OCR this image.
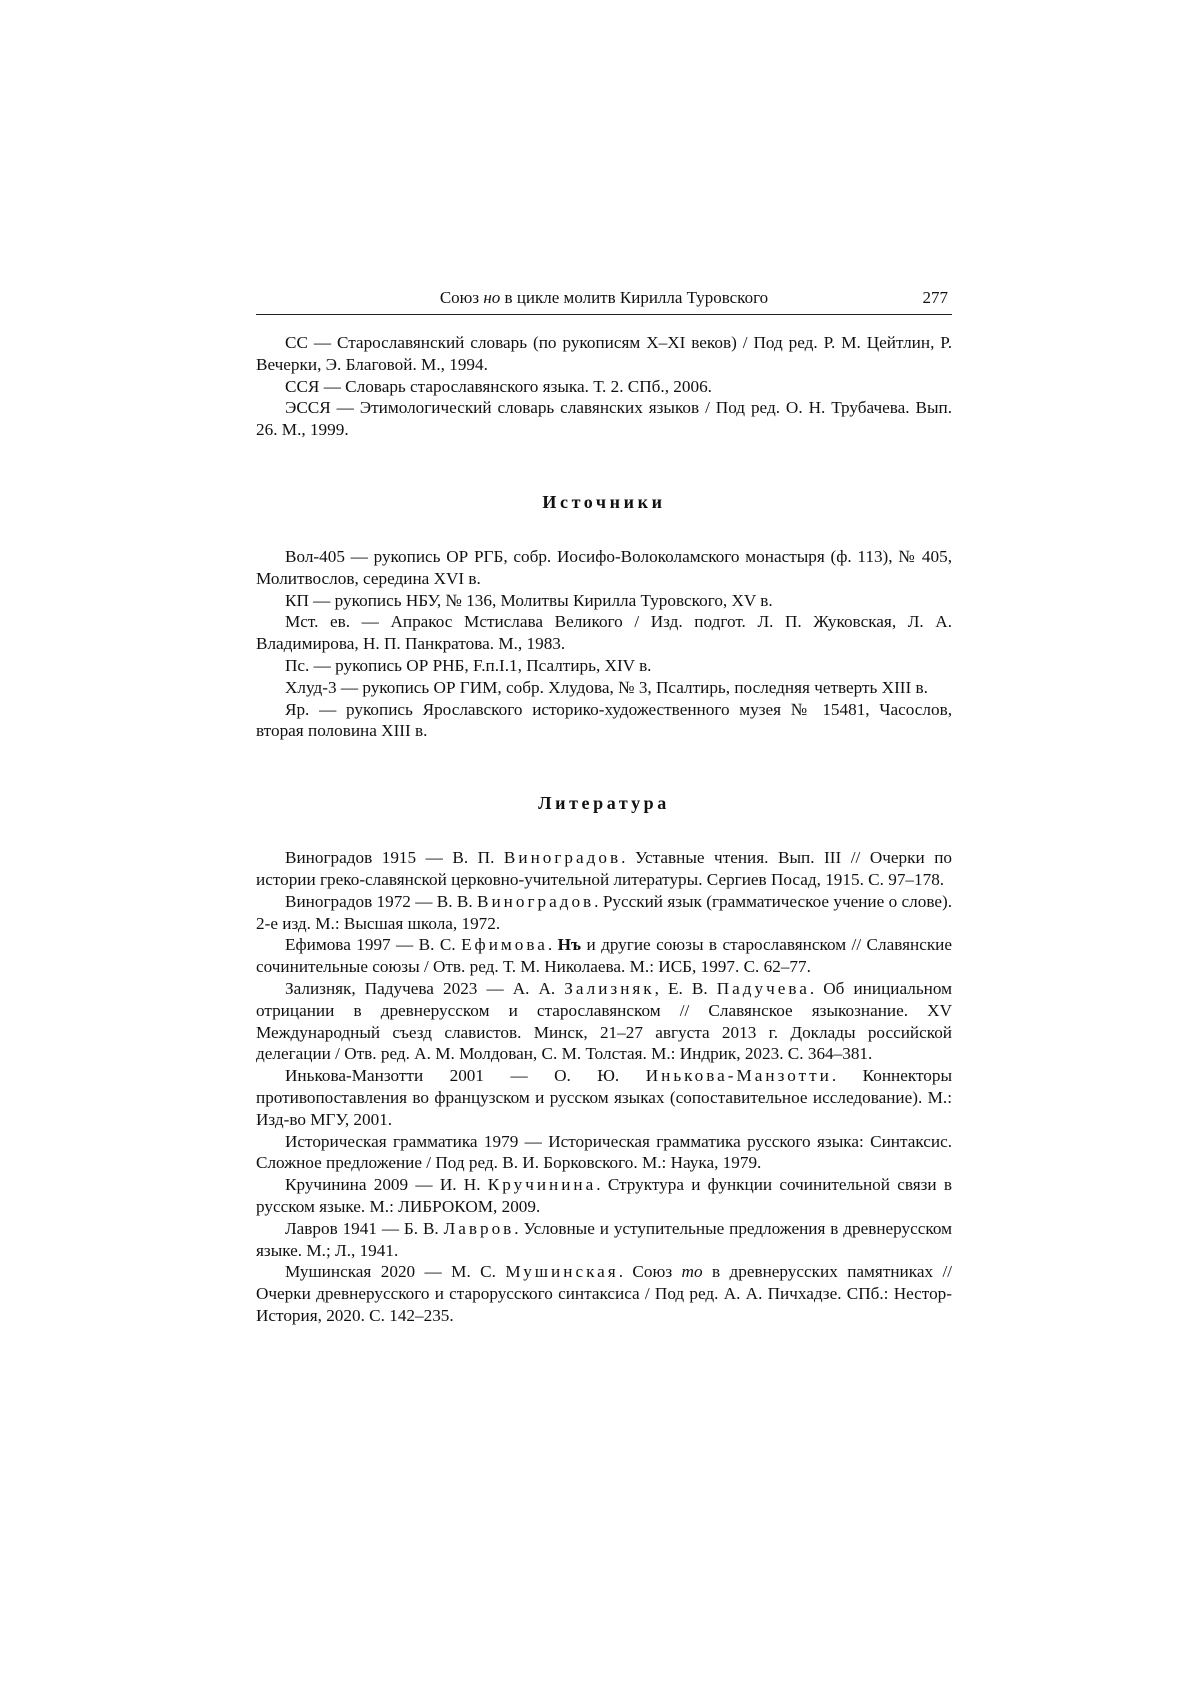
Союз но в цикле молитв Кирилла Туровского	277

СС — Старославянский словарь (по рукописям X–XI веков) / Под ред. Р. М. Цейтлин, Р. Вечерки, Э. Благовой. М., 1994.

ССЯ — Словарь старославянского языка. Т. 2. СПб., 2006.

ЭССЯ — Этимологический словарь славянских языков / Под ред. О. Н. Трубачева. Вып. 26. М., 1999.

Источники

Вол-405 — рукопись ОР РГБ, собр. Иосифо-Волоколамского монастыря (ф. 113), № 405, Молитвослов, середина XVI в.

КП — рукопись НБУ, № 136, Молитвы Кирилла Туровского, XV в.

Мст. ев. — Апракос Мстислава Великого / Изд. подгот. Л. П. Жуковская, Л. А. Владимирова, Н. П. Панкратова. М., 1983.

Пс. — рукопись ОР РНБ, F.п.I.1, Псалтирь, XIV в.

Хлуд-3 — рукопись ОР ГИМ, собр. Хлудова, № 3, Псалтирь, последняя четверть XIII в.

Яр. — рукопись Ярославского историко-художественного музея № 15481, Часослов, вторая половина XIII в.

Литература

Виноградов 1915 — В. П. Виноградов. Уставные чтения. Вып. III // Очерки по истории греко-славянской церковно-учительной литературы. Сергиев Посад, 1915. С. 97–178.

Виноградов 1972 — В. В. Виноградов. Русский язык (грамматическое учение о слове). 2-е изд. М.: Высшая школа, 1972.

Ефимова 1997 — В. С. Ефимова. Нъ и другие союзы в старославянском // Славянские сочинительные союзы / Отв. ред. Т. М. Николаева. М.: ИСБ, 1997. С. 62–77.

Зализняк, Падучева 2023 — А. А. Зализняк, Е. В. Падучева. Об инициальном отрицании в древнерусском и старославянском // Славянское языкознание. XV Международный съезд славистов. Минск, 21–27 августа 2013 г. Доклады российской делегации / Отв. ред. А. М. Молдован, С. М. Толстая. М.: Индрик, 2023. С. 364–381.

Инькова-Манзотти 2001 — О. Ю. Инькова-Манзотти. Коннекторы противопоставления во французском и русском языках (сопоставительное исследование). М.: Изд-во МГУ, 2001.

Историческая грамматика 1979 — Историческая грамматика русского языка: Синтаксис. Сложное предложение / Под ред. В. И. Борковского. М.: Наука, 1979.

Кручинина 2009 — И. Н. Кручинина. Структура и функции сочинительной связи в русском языке. М.: ЛИБРОКОМ, 2009.

Лавров 1941 — Б. В. Лавров. Условные и уступительные предложения в древнерусском языке. М.; Л., 1941.

Мушинская 2020 — М. С. Мушинская. Союз то в древнерусских памятниках // Очерки древнерусского и старорусского синтаксиса / Под ред. А. А. Пичхадзе. СПб.: Нестор-История, 2020. С. 142–235.
